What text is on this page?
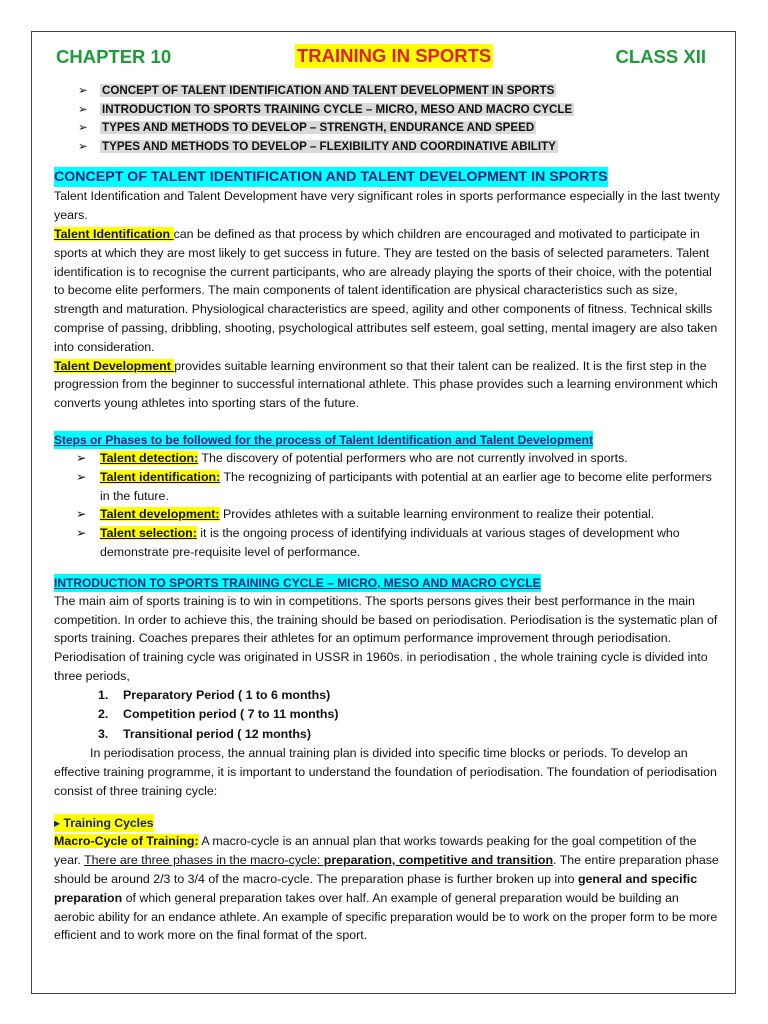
CHAPTER 10	TRAINING IN SPORTS	CLASS XII
➢ CONCEPT OF TALENT IDENTIFICATION AND TALENT DEVELOPMENT IN SPORTS
➢ INTRODUCTION TO SPORTS TRAINING CYCLE – MICRO, MESO AND MACRO CYCLE
➢ TYPES AND METHODS TO DEVELOP – STRENGTH, ENDURANCE AND SPEED
➢ TYPES AND METHODS TO DEVELOP – FLEXIBILITY AND COORDINATIVE ABILITY
CONCEPT OF TALENT IDENTIFICATION AND TALENT DEVELOPMENT IN SPORTS

Talent Identification and Talent Development have very significant roles in sports performance especially in the last twenty years.

Talent Identification can be defined as that process by which children are encouraged and motivated to participate in sports at which they are most likely to get success in future. They are tested on the basis of selected parameters. Talent identification is to recognise the current participants, who are already playing the sports of their choice, with the potential to become elite performers. The main components of talent identification are physical characteristics such as size, strength and maturation. Physiological characteristics are speed, agility and other components of fitness. Technical skills comprise of passing, dribbling, shooting, psychological attributes self esteem, goal setting, mental imagery are also taken into consideration.

Talent Development provides suitable learning environment so that their talent can be realized. It is the first step in the progression from the beginner to successful international athlete. This phase provides such a learning environment which converts young athletes into sporting stars of the future.

Steps or Phases to be followed for the process of Talent Identification and Talent Development
➢ Talent detection: The discovery of potential performers who are not currently involved in sports.
➢ Talent identification: The recognizing of participants with potential at an earlier age to become elite performers in the future.
➢ Talent development: Provides athletes with a suitable learning environment to realize their potential.
➢ Talent selection: it is the ongoing process of identifying individuals at various stages of development who demonstrate pre-requisite level of performance.
INTRODUCTION TO SPORTS TRAINING CYCLE – MICRO, MESO AND MACRO CYCLE

The main aim of sports training is to win in competitions. The sports persons gives their best performance in the main competition. In order to achieve this, the training should be based on periodisation. Periodisation is the systematic plan of sports training. Coaches prepares their athletes for an optimum performance improvement through periodisation. Periodisation of training cycle was originated in USSR in 1960s. in periodisation , the whole training cycle is divided into three periods,

1. Preparatory Period ( 1 to 6 months)
2. Competition period ( 7 to 11 months)
3. Transitional period ( 12 months)

In periodisation process, the annual training plan is divided into specific time blocks or periods. To develop an effective training programme, it is important to understand the foundation of periodisation. The foundation of periodisation consist of three training cycle:

▸ Training Cycles

Macro-Cycle of Training: A macro-cycle is an annual plan that works towards peaking for the goal competition of the year. There are three phases in the macro-cycle: preparation, competitive and transition. The entire preparation phase should be around 2/3 to 3/4 of the macro-cycle. The preparation phase is further broken up into general and specific preparation of which general preparation takes over half. An example of general preparation would be building an aerobic ability for an endance athlete. An example of specific preparation would be to work on the proper form to be more efficient and to work more on the final format of the sport.
